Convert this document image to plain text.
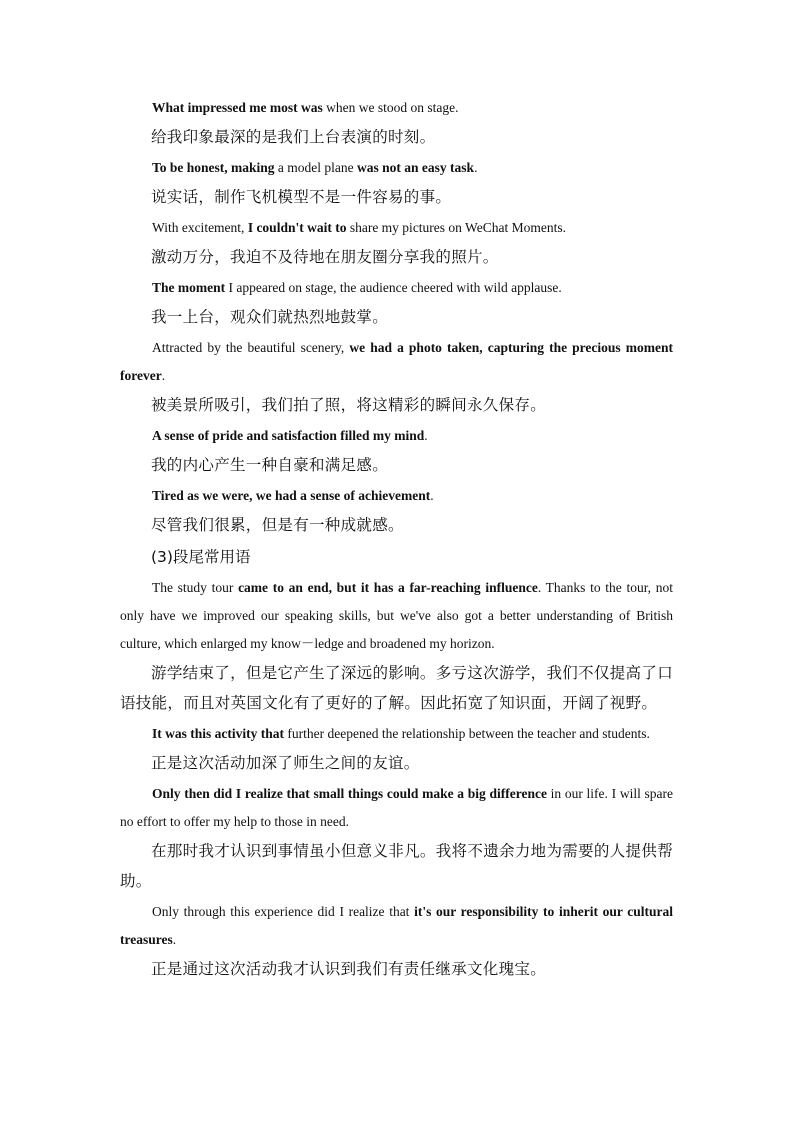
What impressed me most was when we stood on stage.

给我印象最深的是我们上台表演的时刻。

To be honest, making a model plane was not an easy task.

说实话，制作飞机模型不是一件容易的事。

With excitement, I couldn't wait to share my pictures on WeChat Moments.

激动万分，我迫不及待地在朋友圈分享我的照片。

The moment I appeared on stage, the audience cheered with wild applause.

我一上台，观众们就热烈地鼓掌。

Attracted by the beautiful scenery, we had a photo taken, capturing the precious moment forever.

被美景所吸引，我们拍了照，将这精彩的瞬间永久保存。

A sense of pride and satisfaction filled my mind.

我的内心产生一种自豪和满足感。

Tired as we were, we had a sense of achievement.

尽管我们很累，但是有一种成就感。

(3)段尾常用语

The study tour came to an end, but it has a far-reaching influence. Thanks to the tour, not only have we improved our speaking skills, but we've also got a better understanding of British culture, which enlarged my know－ledge and broadened my horizon.

游学结束了，但是它产生了深远的影响。多亏这次游学，我们不仅提高了口语技能，而且对英国文化有了更好的了解。因此拓宽了知识面，开阔了视野。

It was this activity that further deepened the relationship between the teacher and students.

正是这次活动加深了师生之间的友谊。

Only then did I realize that small things could make a big difference in our life. I will spare no effort to offer my help to those in need.

在那时我才认识到事情虽小但意义非凡。我将不遗余力地为需要的人提供帮助。

Only through this experience did I realize that it's our responsibility to inherit our cultural treasures.

正是通过这次活动我才认识到我们有责任继承文化瑰宝。
